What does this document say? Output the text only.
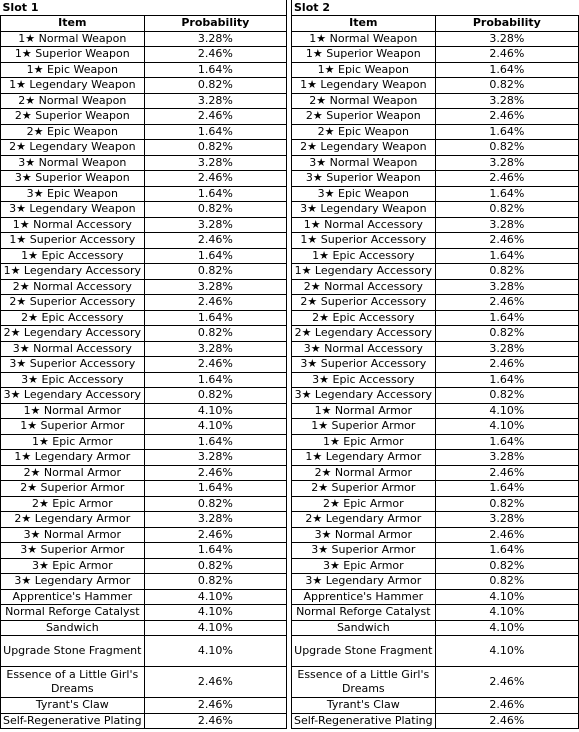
Slot 1			Slot 2	
Item	Probability		Item	Probability
1★ Normal Weapon	3.28%		1★ Normal Weapon	3.28%
1★ Superior Weapon	2.46%		1★ Superior Weapon	2.46%
1★ Epic Weapon	1.64%		1★ Epic Weapon	1.64%
1★ Legendary Weapon	0.82%		1★ Legendary Weapon	0.82%
2★ Normal Weapon	3.28%		2★ Normal Weapon	3.28%
2★ Superior Weapon	2.46%		2★ Superior Weapon	2.46%
2★ Epic Weapon	1.64%		2★ Epic Weapon	1.64%
2★ Legendary Weapon	0.82%		2★ Legendary Weapon	0.82%
3★ Normal Weapon	3.28%		3★ Normal Weapon	3.28%
3★ Superior Weapon	2.46%		3★ Superior Weapon	2.46%
3★ Epic Weapon	1.64%		3★ Epic Weapon	1.64%
3★ Legendary Weapon	0.82%		3★ Legendary Weapon	0.82%
1★ Normal Accessory	3.28%		1★ Normal Accessory	3.28%
1★ Superior Accessory	2.46%		1★ Superior Accessory	2.46%
1★ Epic Accessory	1.64%		1★ Epic Accessory	1.64%
1★ Legendary Accessory	0.82%		1★ Legendary Accessory	0.82%
2★ Normal Accessory	3.28%		2★ Normal Accessory	3.28%
2★ Superior Accessory	2.46%		2★ Superior Accessory	2.46%
2★ Epic Accessory	1.64%		2★ Epic Accessory	1.64%
2★ Legendary Accessory	0.82%		2★ Legendary Accessory	0.82%
3★ Normal Accessory	3.28%		3★ Normal Accessory	3.28%
3★ Superior Accessory	2.46%		3★ Superior Accessory	2.46%
3★ Epic Accessory	1.64%		3★ Epic Accessory	1.64%
3★ Legendary Accessory	0.82%		3★ Legendary Accessory	0.82%
1★ Normal Armor	4.10%		1★ Normal Armor	4.10%
1★ Superior Armor	4.10%		1★ Superior Armor	4.10%
1★ Epic Armor	1.64%		1★ Epic Armor	1.64%
1★ Legendary Armor	3.28%		1★ Legendary Armor	3.28%
2★ Normal Armor	2.46%		2★ Normal Armor	2.46%
2★ Superior Armor	1.64%		2★ Superior Armor	1.64%
2★ Epic Armor	0.82%		2★ Epic Armor	0.82%
2★ Legendary Armor	3.28%		2★ Legendary Armor	3.28%
3★ Normal Armor	2.46%		3★ Normal Armor	2.46%
3★ Superior Armor	1.64%		3★ Superior Armor	1.64%
3★ Epic Armor	0.82%		3★ Epic Armor	0.82%
3★ Legendary Armor	0.82%		3★ Legendary Armor	0.82%
Apprentice's Hammer	4.10%		Apprentice's Hammer	4.10%
Normal Reforge Catalyst	4.10%		Normal Reforge Catalyst	4.10%
Sandwich	4.10%		Sandwich	4.10%
Upgrade Stone Fragment	4.10%		Upgrade Stone Fragment	4.10%
Essence of a Little Girl's Dreams	2.46%		Essence of a Little Girl's Dreams	2.46%
Tyrant's Claw	2.46%		Tyrant's Claw	2.46%
Self-Regenerative Plating	2.46%		Self-Regenerative Plating	2.46%
